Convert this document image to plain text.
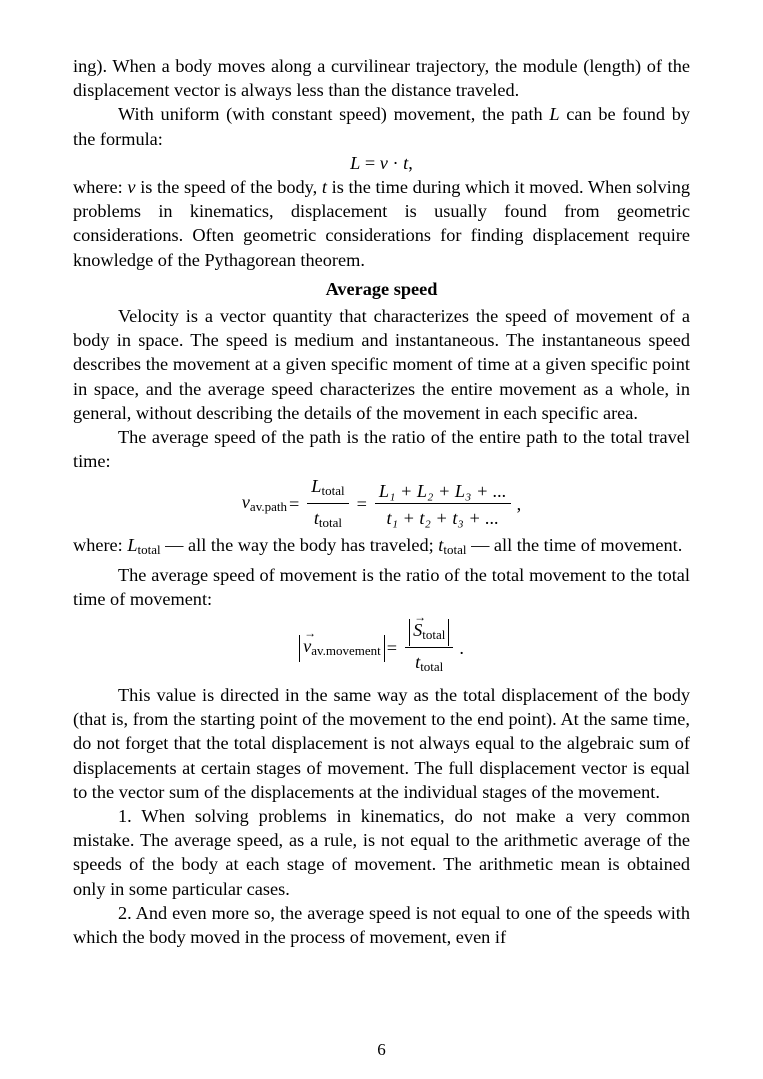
ing). When a body moves along a curvilinear trajectory, the module (length) of the displacement vector is always less than the distance traveled.

With uniform (with constant speed) movement, the path L can be found by the formula:

L = v · t,

where: v is the speed of the body, t is the time during which it moved. When solving problems in kinematics, displacement is usually found from geometric considerations. Often geometric considerations for finding displacement require knowledge of the Pythagorean theorem.

Average speed

Velocity is a vector quantity that characterizes the speed of movement of a body in space. The speed is medium and instantaneous. The instantaneous speed describes the movement at a given specific moment of time at a given specific point in space, and the average speed characterizes the entire movement as a whole, in general, without describing the details of the movement in each specific area.

The average speed of the path is the ratio of the entire path to the total travel time:

vav.path = $\frac{\text{Ltotal}}{\text{ttotal}} = \frac{\text{L₁ + L₂ + L₃ + ...}}{\text{t₁ + t₂ + t₃ + ...}}$ ,

where: Ltotal — all the way the body has traveled; ttotal — all the time of movement.

The average speed of movement is the ratio of the total movement to the total time of movement:

→ vav.movement =
→ $\frac{\text{Stotal}}{\text{ttotal}}$ .

This value is directed in the same way as the total displacement of the body (that is, from the starting point of the movement to the end point). At the same time, do not forget that the total displacement is not always equal to the algebraic sum of displacements at certain stages of movement. The full displacement vector is equal to the vector sum of the displacements at the individual stages of the movement.

1. When solving problems in kinematics, do not make a very common mistake. The average speed, as a rule, is not equal to the arithmetic average of the speeds of the body at each stage of movement. The arithmetic mean is obtained only in some particular cases.

2. And even more so, the average speed is not equal to one of the speeds with which the body moved in the process of movement, even if

6
